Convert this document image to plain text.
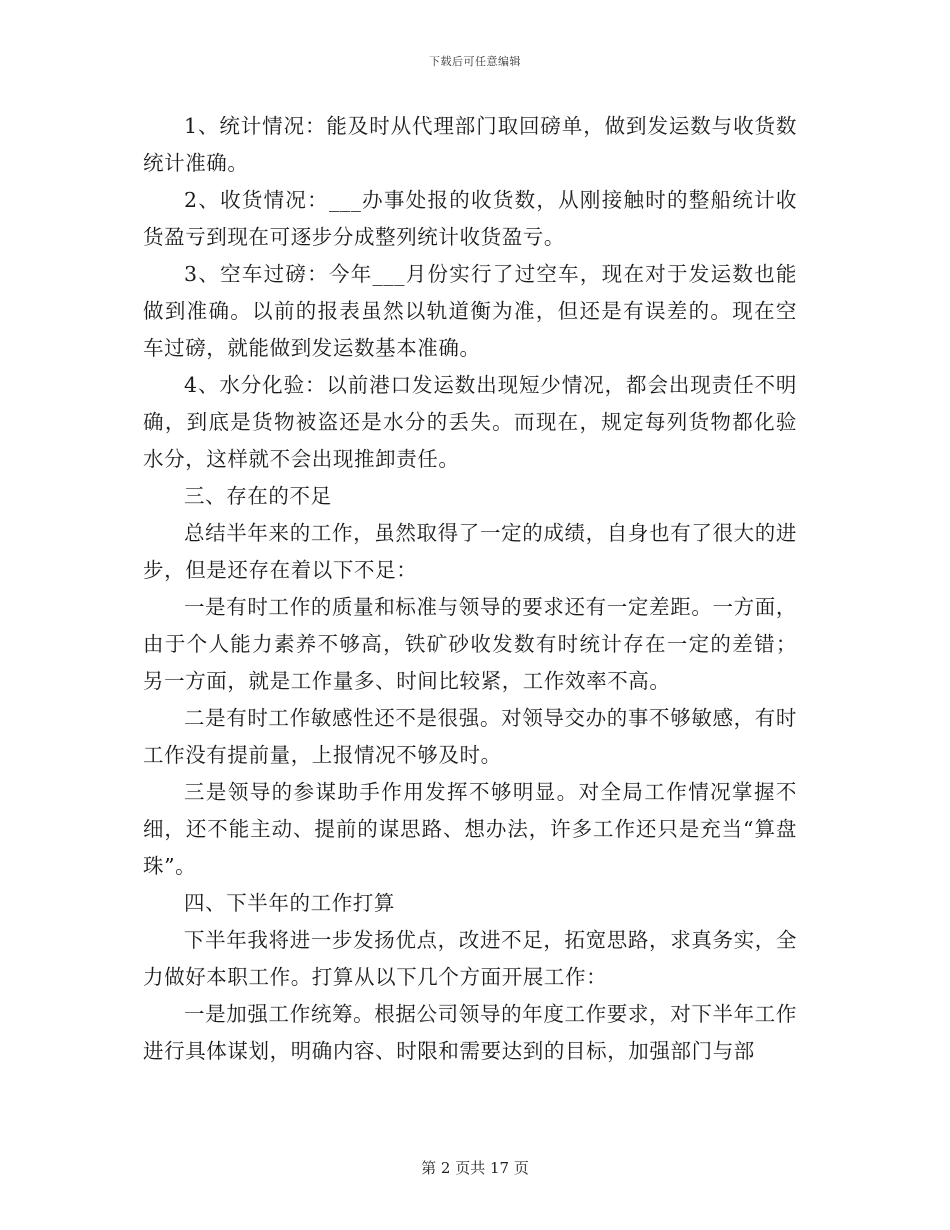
下载后可任意编辑

1、统计情况：能及时从代理部门取回磅单，做到发运数与收货数统计准确。

2、收货情况：___办事处报的收货数，从刚接触时的整船统计收货盈亏到现在可逐步分成整列统计收货盈亏。

3、空车过磅：今年___月份实行了过空车，现在对于发运数也能做到准确。以前的报表虽然以轨道衡为准，但还是有误差的。现在空车过磅，就能做到发运数基本准确。

4、水分化验：以前港口发运数出现短少情况，都会出现责任不明确，到底是货物被盗还是水分的丢失。而现在，规定每列货物都化验水分，这样就不会出现推卸责任。

三、存在的不足

总结半年来的工作，虽然取得了一定的成绩，自身也有了很大的进步，但是还存在着以下不足：

一是有时工作的质量和标准与领导的要求还有一定差距。一方面，由于个人能力素养不够高，铁矿砂收发数有时统计存在一定的差错；另一方面，就是工作量多、时间比较紧，工作效率不高。

二是有时工作敏感性还不是很强。对领导交办的事不够敏感，有时工作没有提前量，上报情况不够及时。

三是领导的参谋助手作用发挥不够明显。对全局工作情况掌握不细，还不能主动、提前的谋思路、想办法，许多工作还只是充当“算盘珠”。

四、下半年的工作打算

下半年我将进一步发扬优点，改进不足，拓宽思路，求真务实，全力做好本职工作。打算从以下几个方面开展工作：

一是加强工作统筹。根据公司领导的年度工作要求，对下半年工作进行具体谋划，明确内容、时限和需要达到的目标，加强部门与部

第 2 页共 17 页
